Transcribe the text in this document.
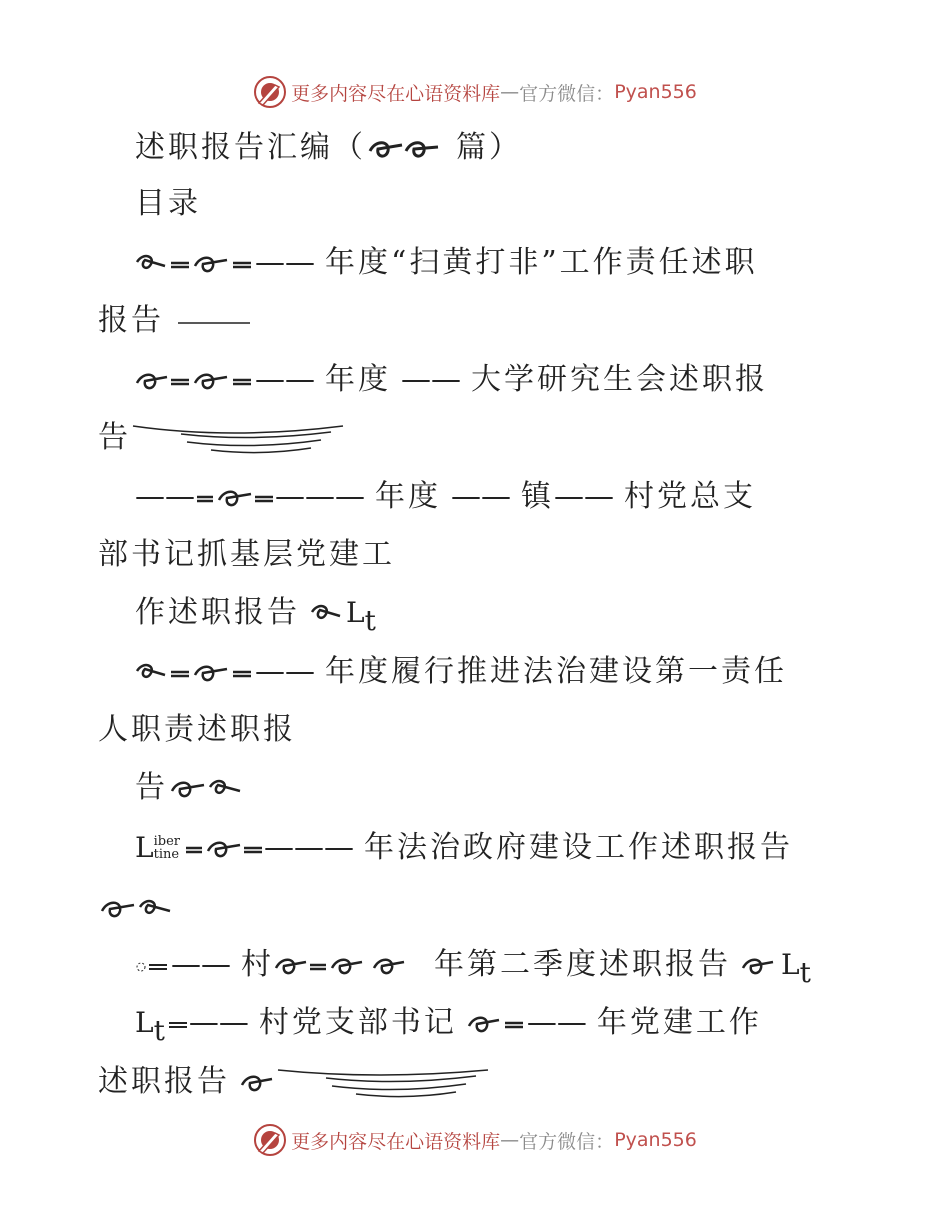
更多内容尽在心语资料库 — 官方微信： Pyan556
述职报告汇编（	篇）
目录
—— 年度“扫黄打非”工作责任述职
报告
—— 年度 —— 大学研究生会述职报
告
——	——— 年度 —— 镇 —— 村党总支
部书记抓基层党建工
作述职报告 L t
—— 年度履行推进法治建设第一责任
人职责述职报
告
L iber
tine	——— 年法治政府建设工作述职报告
—— 村	年第二季度述职报告 L t
L t —— 村党支部书记 —— 年党建工作
述职报告
更多内容尽在心语资料库 — 官方微信： Pyan556
